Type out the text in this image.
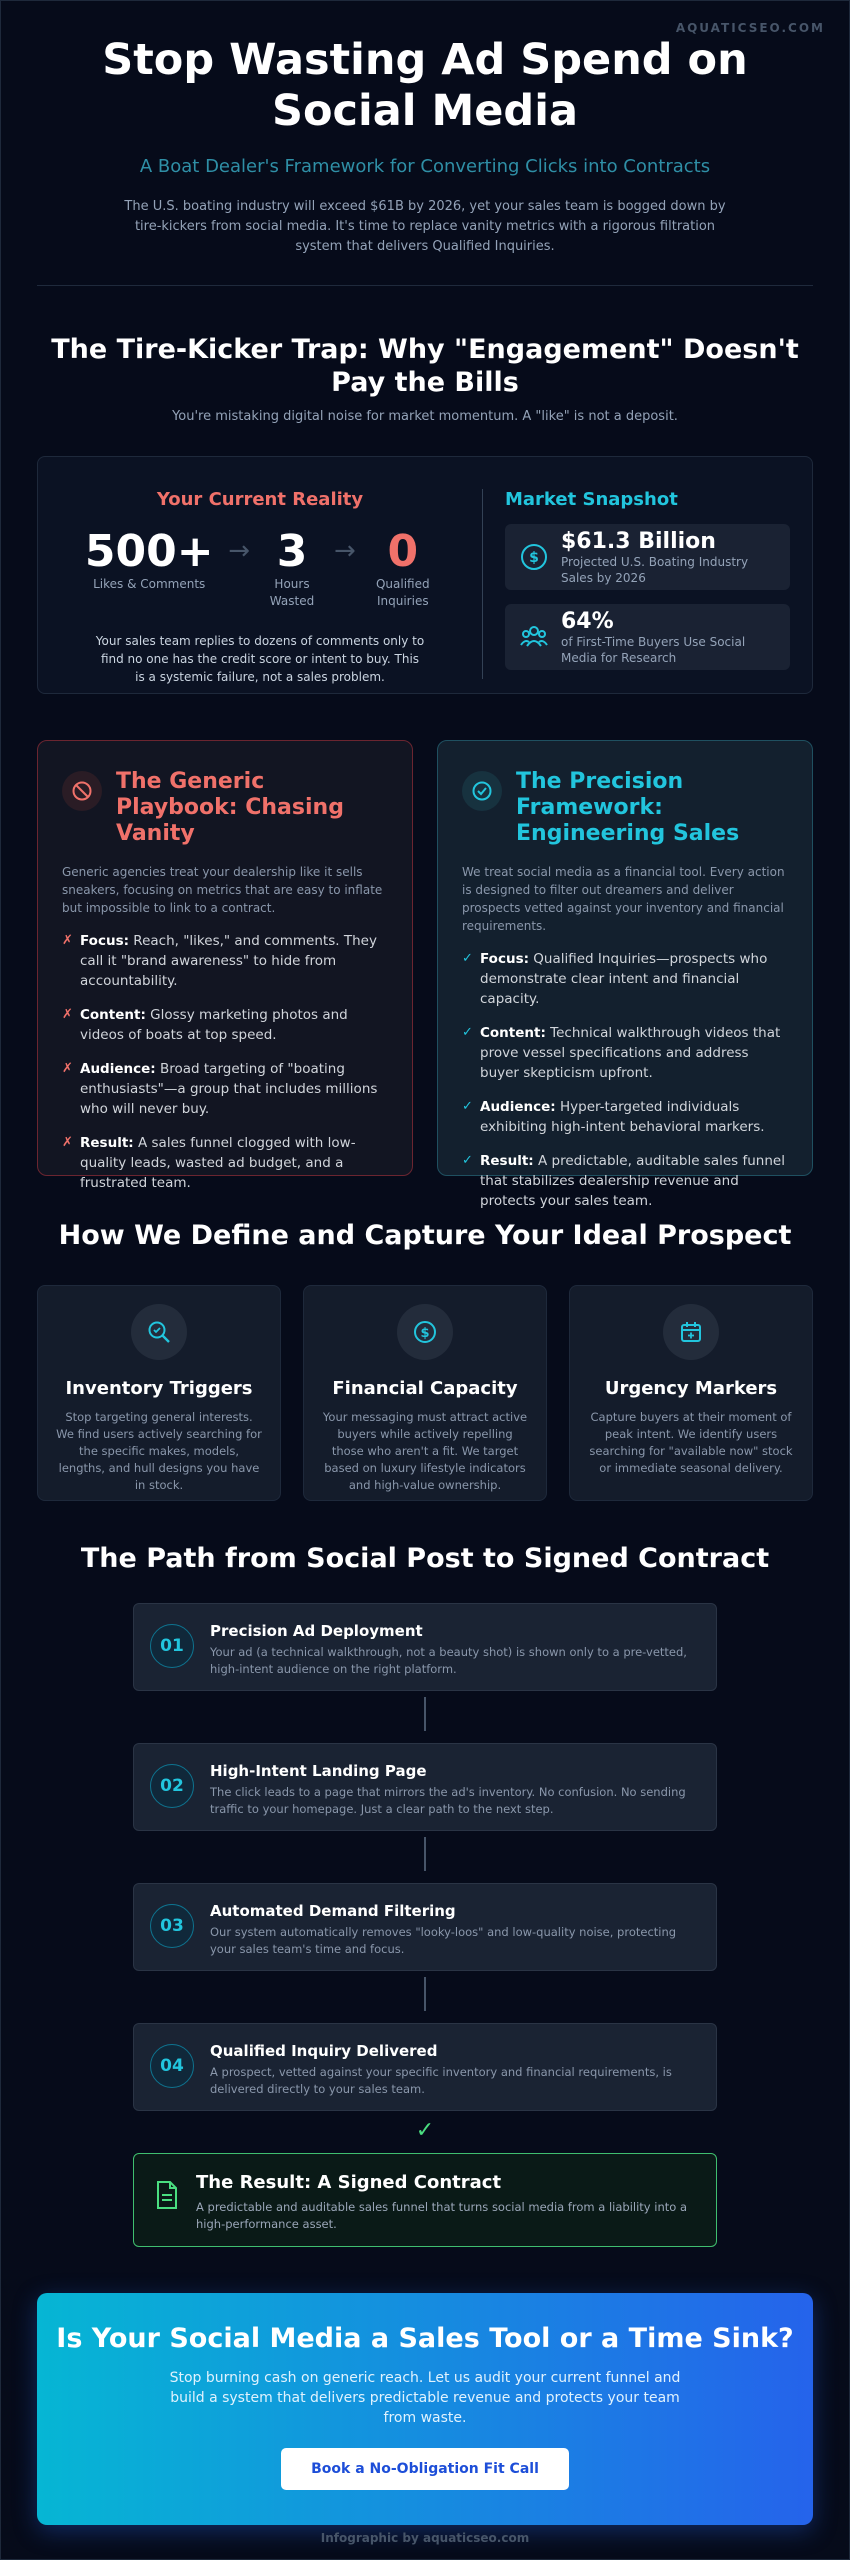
AQUATICSEO.COM
Stop Wasting Ad Spend on Social Media
A Boat Dealer's Framework for Converting Clicks into Contracts

The U.S. boating industry will exceed $61B by 2026, yet your sales team is bogged down by tire-kickers from social media. It's time to replace vanity metrics with a rigorous filtration system that delivers Qualified Inquiries.

The Tire-Kicker Trap: Why "Engagement" Doesn't Pay the Bills
You're mistaking digital noise for market momentum. A "like" is not a deposit.
Your Current Reality
500+
Likes & Comments
→ 3
Hours Wasted
→ 0
Qualified Inquiries

Your sales team replies to dozens of comments only to find no one has the credit score or intent to buy. This is a systemic failure, not a sales problem.

Market Snapshot
$
$61.3 Billion
Projected U.S. Boating Industry Sales by 2026
64%
of First-Time Buyers Use Social Media for Research
The Generic Playbook: Chasing Vanity

Generic agencies treat your dealership like it sells sneakers, focusing on metrics that are easy to inflate but impossible to link to a contract.

✗ Focus: Reach, "likes," and comments. They call it "brand awareness" to hide from accountability.
✗ Content: Glossy marketing photos and videos of boats at top speed.
✗ Audience: Broad targeting of "boating enthusiasts"—a group that includes millions who will never buy.
✗ Result: A sales funnel clogged with low-quality leads, wasted ad budget, and a frustrated team.
The Precision Framework: Engineering Sales

We treat social media as a financial tool. Every action is designed to filter out dreamers and deliver prospects vetted against your inventory and financial requirements.

✓ Focus: Qualified Inquiries—prospects who demonstrate clear intent and financial capacity.
✓ Content: Technical walkthrough videos that prove vessel specifications and address buyer skepticism upfront.
✓ Audience: Hyper-targeted individuals exhibiting high-intent behavioral markers.
✓ Result: A predictable, auditable sales funnel that stabilizes dealership revenue and protects your sales team.
How We Define and Capture Your Ideal Prospect
Inventory Triggers

Stop targeting general interests. We find users actively searching for the specific makes, models, lengths, and hull designs you have in stock.

$
Financial Capacity

Your messaging must attract active buyers while actively repelling those who aren't a fit. We target based on luxury lifestyle indicators and high-value ownership.

Urgency Markers

Capture buyers at their moment of peak intent. We identify users searching for "available now" stock or immediate seasonal delivery.

The Path from Social Post to Signed Contract
01
Precision Ad Deployment

Your ad (a technical walkthrough, not a beauty shot) is shown only to a pre-vetted, high-intent audience on the right platform.

02
High-Intent Landing Page

The click leads to a page that mirrors the ad's inventory. No confusion. No sending traffic to your homepage. Just a clear path to the next step.

03
Automated Demand Filtering

Our system automatically removes "looky-loos" and low-quality noise, protecting your sales team's time and focus.

04
Qualified Inquiry Delivered

A prospect, vetted against your specific inventory and financial requirements, is delivered directly to your sales team.

✓
The Result: A Signed Contract

A predictable and auditable sales funnel that turns social media from a liability into a high-performance asset.

Is Your Social Media a Sales Tool or a Time Sink?

Stop burning cash on generic reach. Let us audit your current funnel and build a system that delivers predictable revenue and protects your team from waste.

Book a No-Obligation Fit Call
Infographic by aquaticseo.com
